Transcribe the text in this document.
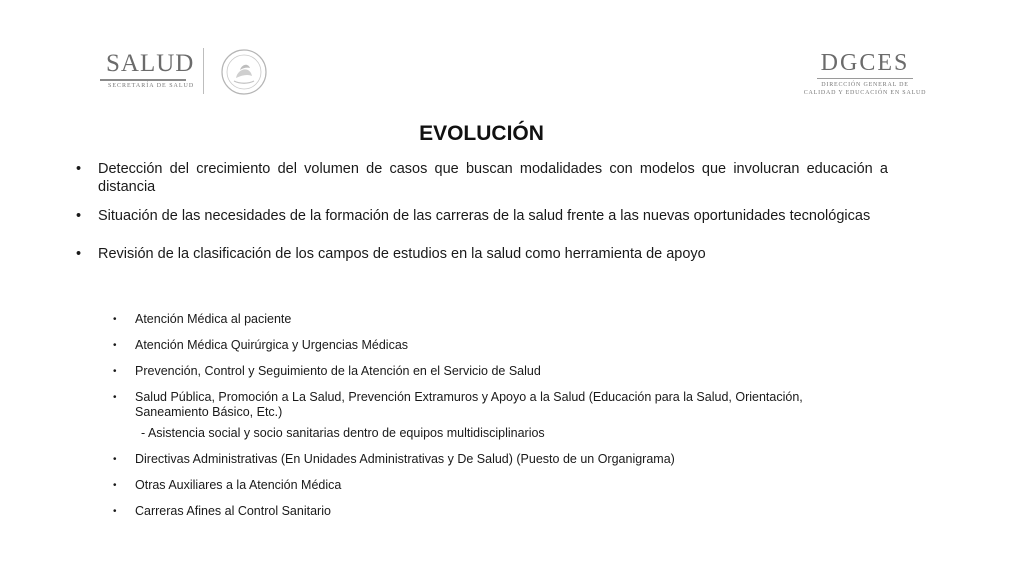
SALUD
SECRETARÍA DE SALUD
DGCES
DIRECCIÓN GENERAL DE
CALIDAD Y EDUCACIÓN EN SALUD
EVOLUCIÓN
• Detección del crecimiento del volumen de casos que buscan modalidades con modelos que involucran educación a distancia
• Situación de las necesidades de la formación de las carreras de la salud frente a las nuevas oportunidades tecnológicas
• Revisión de la clasificación de los campos de estudios en la salud como herramienta de apoyo
• Atención Médica al paciente
• Atención Médica Quirúrgica y Urgencias Médicas
• Prevención, Control y Seguimiento de la Atención en el Servicio de Salud
• Salud Pública, Promoción a La Salud, Prevención Extramuros y Apoyo a la Salud (Educación para la Salud, Orientación, Saneamiento Básico, Etc.)
- Asistencia social y socio sanitarias dentro de equipos multidisciplinarios
• Directivas Administrativas (En Unidades Administrativas y De Salud) (Puesto de un Organigrama)
• Otras Auxiliares a la Atención Médica
• Carreras Afines al Control Sanitario
